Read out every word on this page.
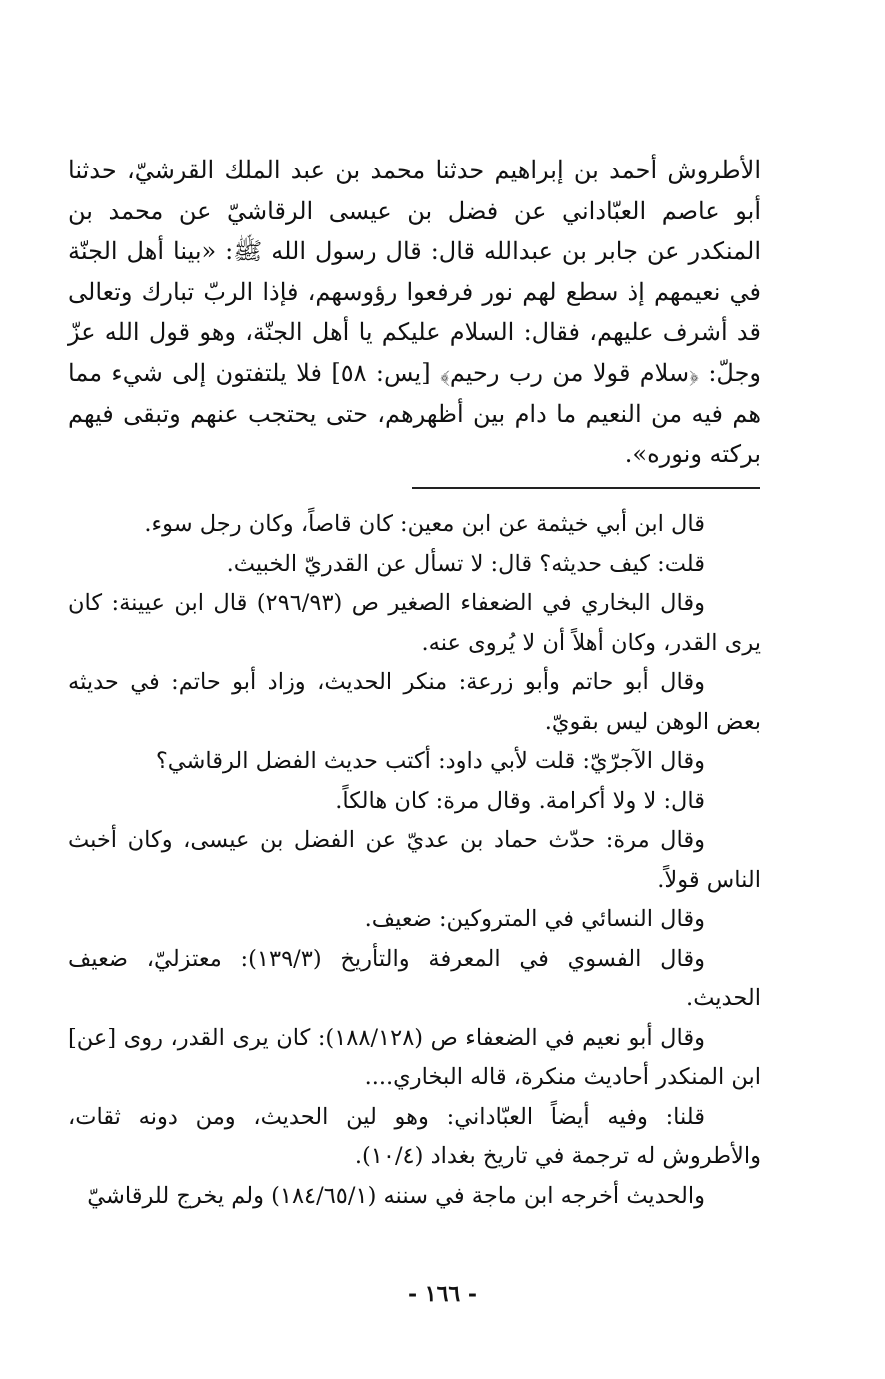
الأطروش أحمد بن إبراهيم حدثنا محمد بن عبد الملك القرشيّ، حدثنا أبو عاصم العبّاداني عن فضل بن عيسى الرقاشيّ عن محمد بن المنكدر عن جابر بن عبدالله قال: قال رسول الله ﷺ: «بينا أهل الجنّة في نعيمهم إذ سطع لهم نور فرفعوا رؤوسهم، فإذا الربّ تبارك وتعالى قد أشرف عليهم، فقال: السلام عليكم يا أهل الجنّة، وهو قول الله عزّ وجلّ: ﴿سلام قولا من رب رحيم﴾ [يس: ٥٨] فلا يلتفتون إلى شيء مما هم فيه من النعيم ما دام بين أظهرهم، حتى يحتجب عنهم وتبقى فيهم بركته ونوره».

قال ابن أبي خيثمة عن ابن معين: كان قاصاً، وكان رجل سوء.

قلت: كيف حديثه؟ قال: لا تسأل عن القدريّ الخبيث.

وقال البخاري في الضعفاء الصغير ص (٢٩٦/٩٣) قال ابن عيينة: كان يرى القدر، وكان أهلاً أن لا يُروى عنه.

وقال أبو حاتم وأبو زرعة: منكر الحديث، وزاد أبو حاتم: في حديثه بعض الوهن ليس بقويّ.

وقال الآجرّيّ: قلت لأبي داود: أكتب حديث الفضل الرقاشي؟

قال: لا ولا أكرامة. وقال مرة: كان هالكاً.

وقال مرة: حدّث حماد بن عديّ عن الفضل بن عيسى، وكان أخبث الناس قولاً.

وقال النسائي في المتروكين: ضعيف.

وقال الفسوي في المعرفة والتأريخ (١٣٩/٣): معتزليّ، ضعيف الحديث.

وقال أبو نعيم في الضعفاء ص (١٨٨/١٢٨): كان يرى القدر، روى [عن] ابن المنكدر أحاديث منكرة، قاله البخاري....

قلنا: وفيه أيضاً العبّاداني: وهو لين الحديث، ومن دونه ثقات، والأطروش له ترجمة في تاريخ بغداد (١٠/٤).

والحديث أخرجه ابن ماجة في سننه (١٨٤/٦٥/١) ولم يخرج للرقاشيّ

- ١٦٦ -
